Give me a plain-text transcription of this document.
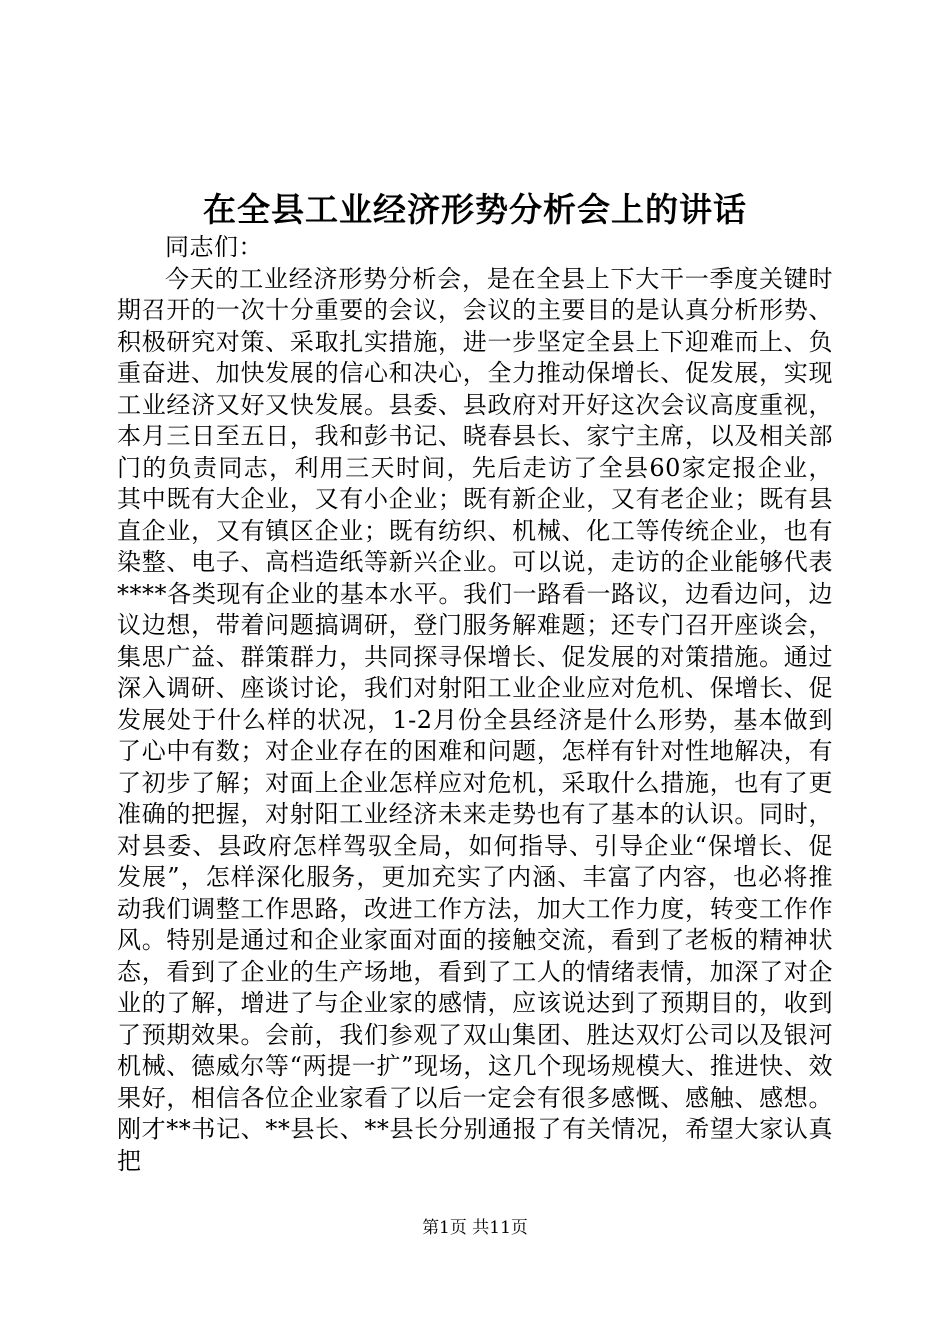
在全县工业经济形势分析会上的讲话

同志们：

今天的工业经济形势分析会，是在全县上下大干一季度关键时期召开的一次十分重要的会议，会议的主要目的是认真分析形势、积极研究对策、采取扎实措施，进一步坚定全县上下迎难而上、负重奋进、加快发展的信心和决心，全力推动保增长、促发展，实现工业经济又好又快发展。县委、县政府对开好这次会议高度重视，本月三日至五日，我和彭书记、晓春县长、家宁主席，以及相关部门的负责同志，利用三天时间，先后走访了全县60家定报企业，其中既有大企业，又有小企业；既有新企业，又有老企业；既有县直企业，又有镇区企业；既有纺织、机械、化工等传统企业，也有染整、电子、高档造纸等新兴企业。可以说，走访的企业能够代表****各类现有企业的基本水平。我们一路看一路议，边看边问，边议边想，带着问题搞调研，登门服务解难题；还专门召开座谈会，集思广益、群策群力，共同探寻保增长、促发展的对策措施。通过深入调研、座谈讨论，我们对射阳工业企业应对危机、保增长、促发展处于什么样的状况，1-2月份全县经济是什么形势，基本做到了心中有数；对企业存在的困难和问题，怎样有针对性地解决，有了初步了解；对面上企业怎样应对危机，采取什么措施，也有了更准确的把握，对射阳工业经济未来走势也有了基本的认识。同时，对县委、县政府怎样驾驭全局，如何指导、引导企业“保增长、促发展”，怎样深化服务，更加充实了内涵、丰富了内容，也必将推动我们调整工作思路，改进工作方法，加大工作力度，转变工作作风。特别是通过和企业家面对面的接触交流，看到了老板的精神状态，看到了企业的生产场地，看到了工人的情绪表情，加深了对企业的了解，增进了与企业家的感情，应该说达到了预期目的，收到了预期效果。会前，我们参观了双山集团、胜达双灯公司以及银河机械、德威尔等“两提一扩”现场，这几个现场规模大、推进快、效果好，相信各位企业家看了以后一定会有很多感慨、感触、感想。刚才**书记、**县长、**县长分别通报了有关情况，希望大家认真把

第1页 共11页
